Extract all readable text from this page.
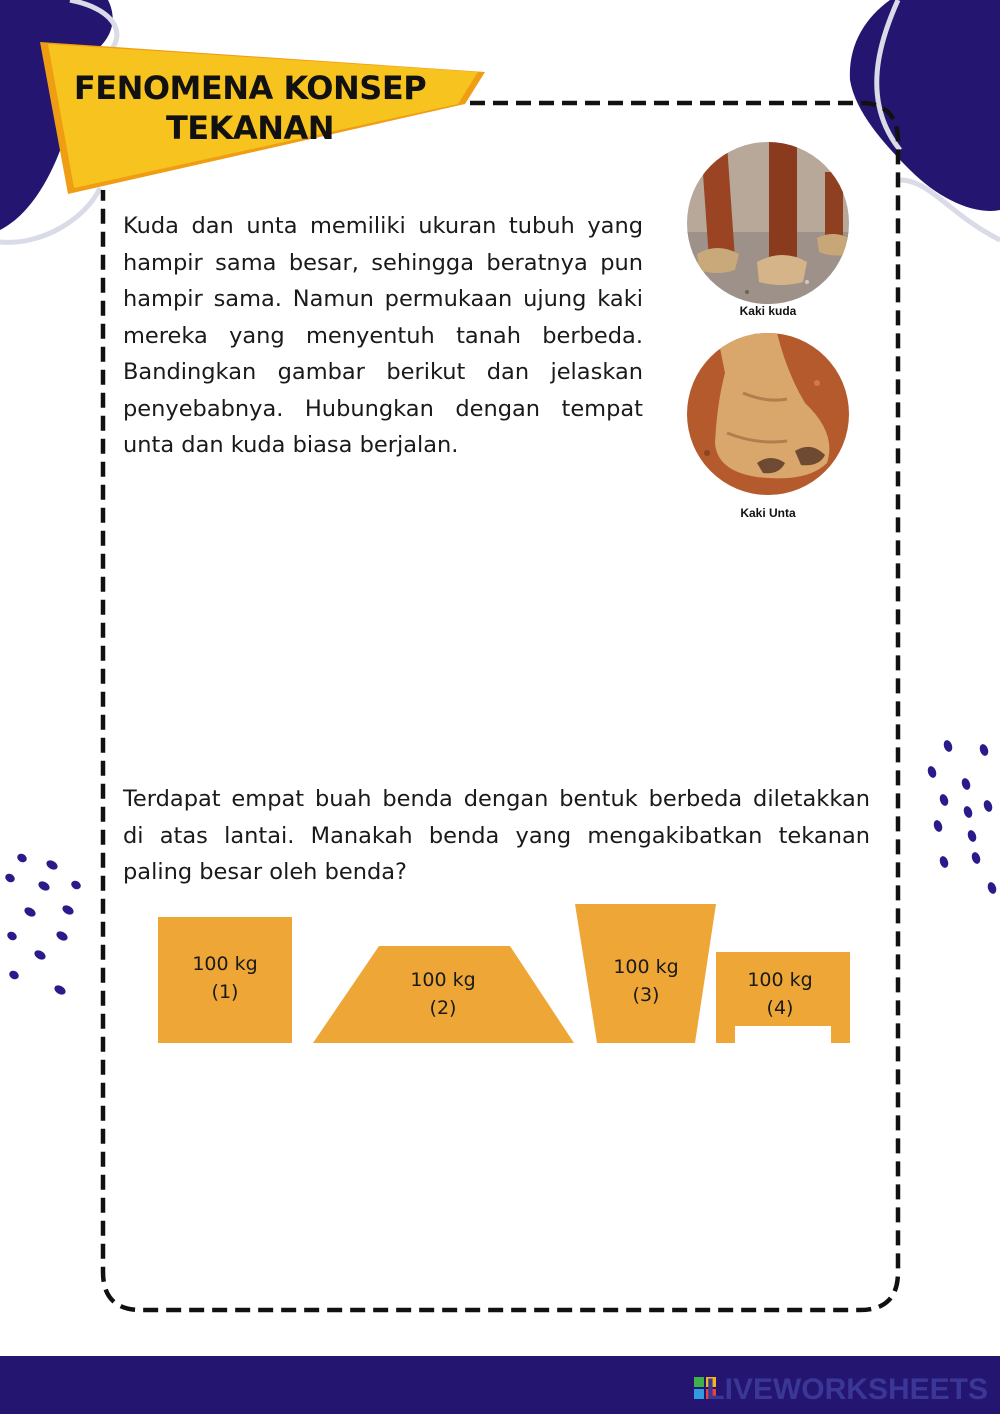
FENOMENA KONSEP
TEKANAN

Kuda dan unta memiliki ukuran tubuh yang hampir sama besar, sehingga beratnya pun hampir sama. Namun permukaan ujung kaki mereka yang menyentuh tanah berbeda. Bandingkan gambar berikut dan jelaskan penyebabnya. Hubungkan dengan tempat unta dan kuda biasa berjalan.

Kaki kuda
Kaki Unta

Terdapat empat buah benda dengan bentuk berbeda diletakkan di atas lantai. Manakah benda yang mengakibatkan tekanan paling besar oleh benda?

100 kg
(1)
100 kg
(2)
100 kg
(3)
100 kg
(4)
LIVEWORKSHEETS
